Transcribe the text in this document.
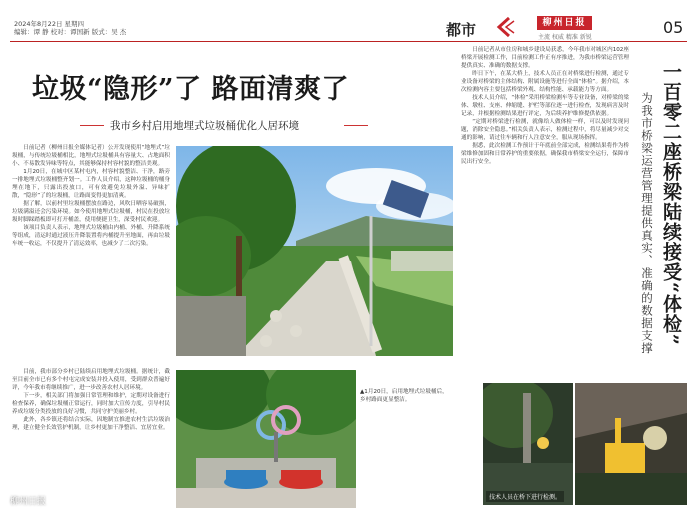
2024年8月22日 星期四
编辑：谭 静 校对：谭国新 版式：吴 杰	都市	柳州日报
主流 权威 精准 新锐
05
垃圾“隐形”了 路面清爽了
我市乡村启用地埋式垃圾桶优化人居环境

日前记者（柳州日报全媒体记者）公开发现使用“地埋式”垃圾桶，与传统垃圾桶相比，地埋式垃圾桶具有容量大、占地面积小、不易散发异味等特点，其能够保持村容村貌的整洁美观。

1月20日，在城中区某村屯内，村容村貌整洁、干净，路旁一排地埋式垃圾桶整齐划一。工作人员介绍，这种垃圾桶的桶身埋在地下，只露出投放口，可有效避免垃圾外溢、异味扩散，“隐形”了的垃圾桶，让路面变得更加清爽。

据了解，以前村里垃圾桶摆放在路边，风吹日晒容易破损，垃圾满溢还会污染环境。如今使用地埋式垃圾桶，村民在投放垃圾时脚踩踏板即可打开桶盖，使用便捷卫生，深受村民欢迎。

该项目负责人表示，地埋式垃圾桶由内桶、外桶、升降系统等组成，清运时通过液压升降装置将内桶提升至地面，再由垃圾车统一收运，不仅提升了清运效率，也减少了二次污染。

目前，我市部分乡村已陆续启用地埋式垃圾桶。据统计，截至目前全市已有多个村屯完成安装并投入使用，受到群众普遍好评，今年我市将继续推广，进一步改善农村人居环境。

下一步，相关部门将加强日常管理和维护，定期对设备进行检查保养，确保垃圾桶正常运行，同时加大宣传力度，引导村民养成垃圾分类投放的良好习惯，共同守护美丽乡村。

此外，各乡镇还将结合实际，因地制宜推进农村生活垃圾治理，建立健全长效管护机制，让乡村更加干净整洁、宜居宜业。

▲1月20日，启用地埋式垃圾桶后，乡村路面更显整洁。

日前记者从市住房和城乡建设局获悉，今年我市对城区内102座桥梁开展检测工作，目前检测工作正有序推进，为我市桥梁运营管理提供真实、准确的数据支撑。

昨日下午，在某大桥上，技术人员正在对桥梁进行检测，通过专业设备对桥梁的主体结构、附属设施等进行全面“体检”。据介绍，本次检测内容主要包括桥梁外观、结构性能、承载能力等方面。

技术人员介绍，“体检”采用桥梁检测车等专业设备，对桥梁的梁体、墩柱、支座、伸缩缝、护栏等部位逐一进行检查，发现病害及时记录，并根据检测结果进行评定，为后续养护维修提供依据。

“定期对桥梁进行检测，就像给人做体检一样，可以及时发现问题，消除安全隐患。”相关负责人表示，检测过程中，将尽量减少对交通的影响，请过往车辆和行人注意安全，服从现场指挥。

据悉，此次检测工作预计于年底前全部完成，检测结果将作为桥梁维修加固和日常养护的重要依据，确保我市桥梁安全运行，保障市民出行安全。	一百零二座桥梁陆续接受“体检”
为我市桥梁运营管理提供真实、准确的数据支撑
技术人员在桥下进行检测。
柳州日报
